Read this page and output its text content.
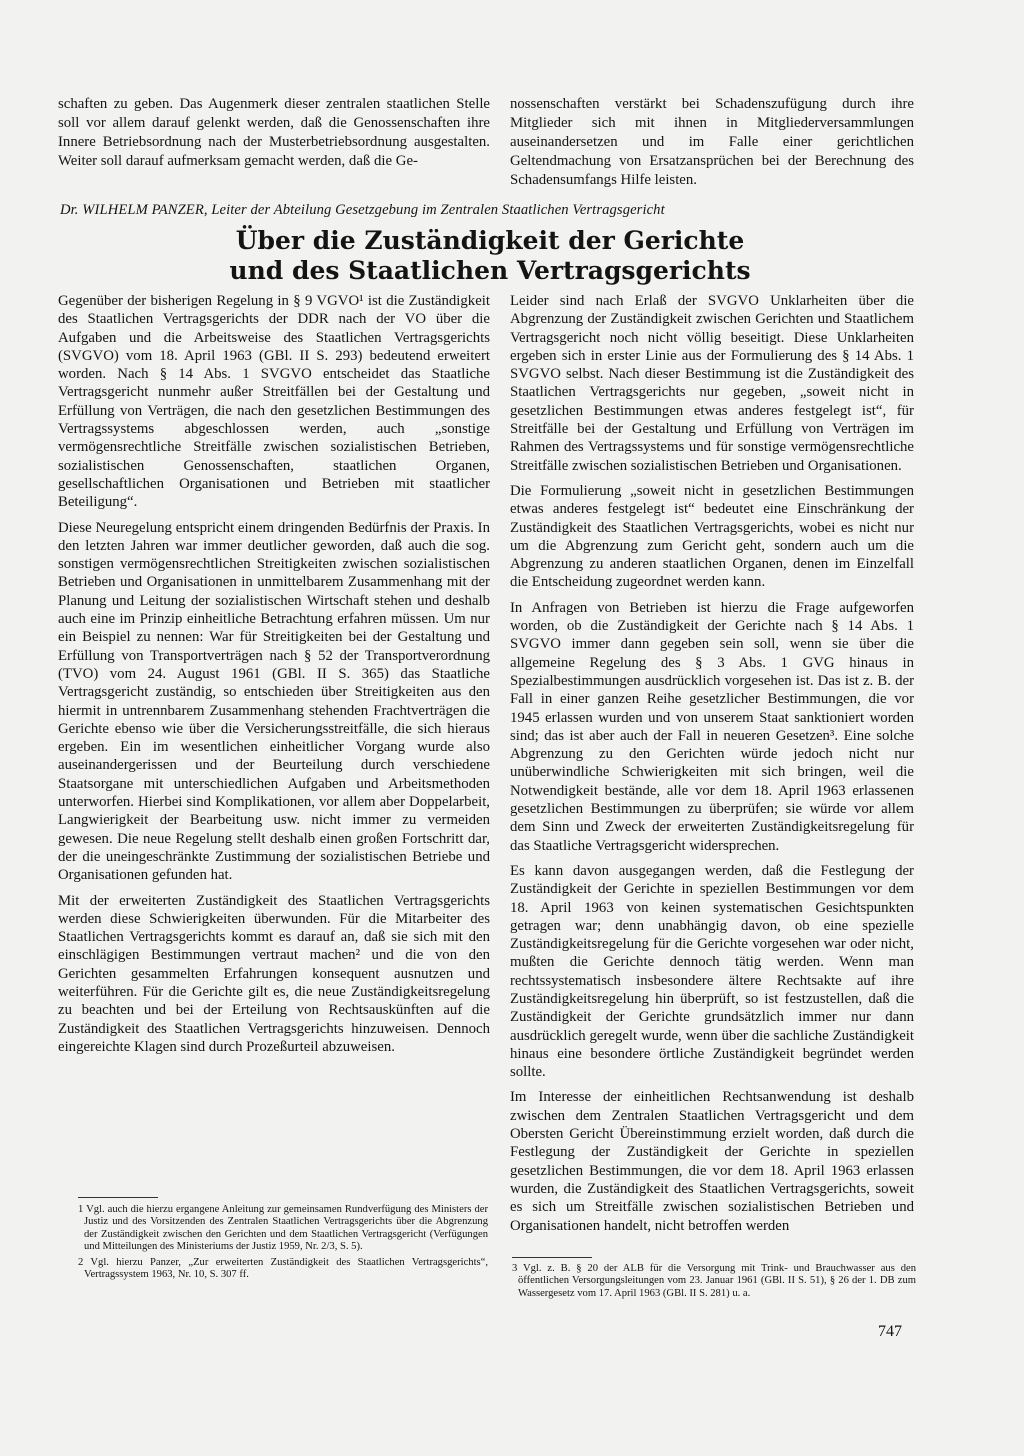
schaften zu geben. Das Augenmerk dieser zentralen staatlichen Stelle soll vor allem darauf gelenkt werden, daß die Genossenschaften ihre Innere Betriebsordnung nach der Musterbetriebsordnung ausgestalten. Weiter soll darauf aufmerksam gemacht werden, daß die Ge-

nossenschaften verstärkt bei Schadenszufügung durch ihre Mitglieder sich mit ihnen in Mitgliederversammlungen auseinandersetzen und im Falle einer gerichtlichen Geltendmachung von Ersatzansprüchen bei der Berechnung des Schadensumfangs Hilfe leisten.

Dr. WILHELM PANZER, Leiter der Abteilung Gesetzgebung im Zentralen Staatlichen Vertragsgericht
Über die Zuständigkeit der Gerichte
und des Staatlichen Vertragsgerichts

Gegenüber der bisherigen Regelung in § 9 VGVO¹ ist die Zuständigkeit des Staatlichen Vertragsgerichts der DDR nach der VO über die Aufgaben und die Arbeitsweise des Staatlichen Vertragsgerichts (SVGVO) vom 18. April 1963 (GBl. II S. 293) bedeutend erweitert worden. Nach § 14 Abs. 1 SVGVO entscheidet das Staatliche Vertragsgericht nunmehr außer Streitfällen bei der Gestaltung und Erfüllung von Verträgen, die nach den gesetzlichen Bestimmungen des Vertragssystems abgeschlossen werden, auch „sonstige vermögensrechtliche Streitfälle zwischen sozialistischen Betrieben, sozialistischen Genossenschaften, staatlichen Organen, gesellschaftlichen Organisationen und Betrieben mit staatlicher Beteiligung“.

Diese Neuregelung entspricht einem dringenden Bedürfnis der Praxis. In den letzten Jahren war immer deutlicher geworden, daß auch die sog. sonstigen vermögensrechtlichen Streitigkeiten zwischen sozialistischen Betrieben und Organisationen in unmittelbarem Zusammenhang mit der Planung und Leitung der sozialistischen Wirtschaft stehen und deshalb auch eine im Prinzip einheitliche Betrachtung erfahren müssen. Um nur ein Beispiel zu nennen: War für Streitigkeiten bei der Gestaltung und Erfüllung von Transportverträgen nach § 52 der Transportverordnung (TVO) vom 24. August 1961 (GBl. II S. 365) das Staatliche Vertragsgericht zuständig, so entschieden über Streitigkeiten aus den hiermit in untrennbarem Zusammenhang stehenden Frachtverträgen die Gerichte ebenso wie über die Versicherungsstreitfälle, die sich hieraus ergeben. Ein im wesentlichen einheitlicher Vorgang wurde also auseinandergerissen und der Beurteilung durch verschiedene Staatsorgane mit unterschiedlichen Aufgaben und Arbeitsmethoden unterworfen. Hierbei sind Komplikationen, vor allem aber Doppelarbeit, Langwierigkeit der Bearbeitung usw. nicht immer zu vermeiden gewesen. Die neue Regelung stellt deshalb einen großen Fortschritt dar, der die uneingeschränkte Zustimmung der sozialistischen Betriebe und Organisationen gefunden hat.

Mit der erweiterten Zuständigkeit des Staatlichen Vertragsgerichts werden diese Schwierigkeiten überwunden. Für die Mitarbeiter des Staatlichen Vertragsgerichts kommt es darauf an, daß sie sich mit den einschlägigen Bestimmungen vertraut machen² und die von den Gerichten gesammelten Erfahrungen konsequent ausnutzen und weiterführen. Für die Gerichte gilt es, die neue Zuständigkeitsregelung zu beachten und bei der Erteilung von Rechtsauskünften auf die Zuständigkeit des Staatlichen Vertragsgerichts hinzuweisen. Dennoch eingereichte Klagen sind durch Prozeßurteil abzuweisen.

Leider sind nach Erlaß der SVGVO Unklarheiten über die Abgrenzung der Zuständigkeit zwischen Gerichten und Staatlichem Vertragsgericht noch nicht völlig beseitigt. Diese Unklarheiten ergeben sich in erster Linie aus der Formulierung des § 14 Abs. 1 SVGVO selbst. Nach dieser Bestimmung ist die Zuständigkeit des Staatlichen Vertragsgerichts nur gegeben, „soweit nicht in gesetzlichen Bestimmungen etwas anderes festgelegt ist“, für Streitfälle bei der Gestaltung und Erfüllung von Verträgen im Rahmen des Vertragssystems und für sonstige vermögensrechtliche Streitfälle zwischen sozialistischen Betrieben und Organisationen.

Die Formulierung „soweit nicht in gesetzlichen Bestimmungen etwas anderes festgelegt ist“ bedeutet eine Einschränkung der Zuständigkeit des Staatlichen Vertragsgerichts, wobei es nicht nur um die Abgrenzung zum Gericht geht, sondern auch um die Abgrenzung zu anderen staatlichen Organen, denen im Einzelfall die Entscheidung zugeordnet werden kann.

In Anfragen von Betrieben ist hierzu die Frage aufgeworfen worden, ob die Zuständigkeit der Gerichte nach § 14 Abs. 1 SVGVO immer dann gegeben sein soll, wenn sie über die allgemeine Regelung des § 3 Abs. 1 GVG hinaus in Spezialbestimmungen ausdrücklich vorgesehen ist. Das ist z. B. der Fall in einer ganzen Reihe gesetzlicher Bestimmungen, die vor 1945 erlassen wurden und von unserem Staat sanktioniert worden sind; das ist aber auch der Fall in neueren Gesetzen³. Eine solche Abgrenzung zu den Gerichten würde jedoch nicht nur unüberwindliche Schwierigkeiten mit sich bringen, weil die Notwendigkeit bestände, alle vor dem 18. April 1963 erlassenen gesetzlichen Bestimmungen zu überprüfen; sie würde vor allem dem Sinn und Zweck der erweiterten Zuständigkeitsregelung für das Staatliche Vertragsgericht widersprechen.

Es kann davon ausgegangen werden, daß die Festlegung der Zuständigkeit der Gerichte in speziellen Bestimmungen vor dem 18. April 1963 von keinen systematischen Gesichtspunkten getragen war; denn unabhängig davon, ob eine spezielle Zuständigkeitsregelung für die Gerichte vorgesehen war oder nicht, mußten die Gerichte dennoch tätig werden. Wenn man rechtssystematisch insbesondere ältere Rechtsakte auf ihre Zuständigkeitsregelung hin überprüft, so ist festzustellen, daß die Zuständigkeit der Gerichte grundsätzlich immer nur dann ausdrücklich geregelt wurde, wenn über die sachliche Zuständigkeit hinaus eine besondere örtliche Zuständigkeit begründet werden sollte.

Im Interesse der einheitlichen Rechtsanwendung ist deshalb zwischen dem Zentralen Staatlichen Vertragsgericht und dem Obersten Gericht Übereinstimmung erzielt worden, daß durch die Festlegung der Zuständigkeit der Gerichte in speziellen gesetzlichen Bestimmungen, die vor dem 18. April 1963 erlassen wurden, die Zuständigkeit des Staatlichen Vertragsgerichts, soweit es sich um Streitfälle zwischen sozialistischen Betrieben und Organisationen handelt, nicht betroffen werden

1 Vgl. auch die hierzu ergangene Anleitung zur gemeinsamen Rundverfügung des Ministers der Justiz und des Vorsitzenden des Zentralen Staatlichen Vertragsgerichts über die Abgrenzung der Zuständigkeit zwischen den Gerichten und dem Staatlichen Vertragsgericht (Verfügungen und Mitteilungen des Ministeriums der Justiz 1959, Nr. 2/3, S. 5).

2 Vgl. hierzu Panzer, „Zur erweiterten Zuständigkeit des Staatlichen Vertragsgerichts“, Vertragssystem 1963, Nr. 10, S. 307 ff.

3 Vgl. z. B. § 20 der ALB für die Versorgung mit Trink- und Brauchwasser aus den öffentlichen Versorgungsleitungen vom 23. Januar 1961 (GBl. II S. 51), § 26 der 1. DB zum Wassergesetz vom 17. April 1963 (GBl. II S. 281) u. a.

747
